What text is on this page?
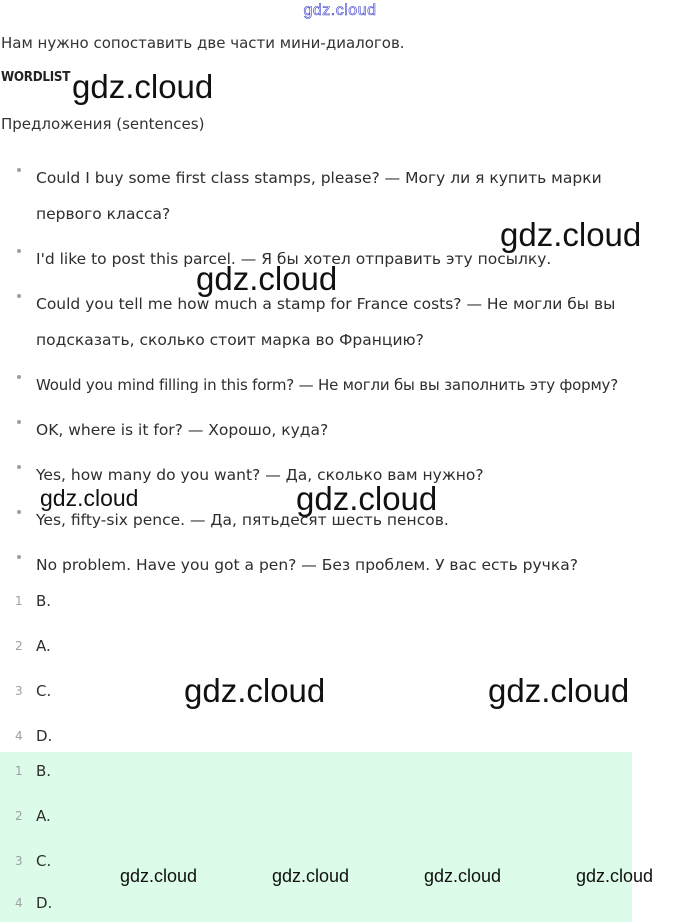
gdz.cloud
Нам нужно сопоставить две части мини-диалогов.
WORDLIST
Предложения (sentences)
Could I buy some first class stamps, please? — Могу ли я купить марки первого класса?
I'd like to post this parcel. — Я бы хотел отправить эту посылку.
Could you tell me how much a stamp for France costs? — Не могли бы вы подсказать, сколько стоит марка во Францию?
Would you mind filling in this form? — Не могли бы вы заполнить эту форму?
OK, where is it for? — Хорошо, куда?
Yes, how many do you want? — Да, сколько вам нужно?
Yes, fifty-six pence. — Да, пятьдесят шесть пенсов.
No problem. Have you got a pen? — Без проблем. У вас есть ручка?
1 B.
2 A.
3 C.
4 D.
1 B.
2 A.
3 C.
4 D.
gdz.cloud
gdz.cloud
gdz.cloud
gdz.cloud	gdz.cloud
gdz.cloud	gdz.cloud
gdz.cloud	gdz.cloud	gdz.cloud	gdz.cloud
